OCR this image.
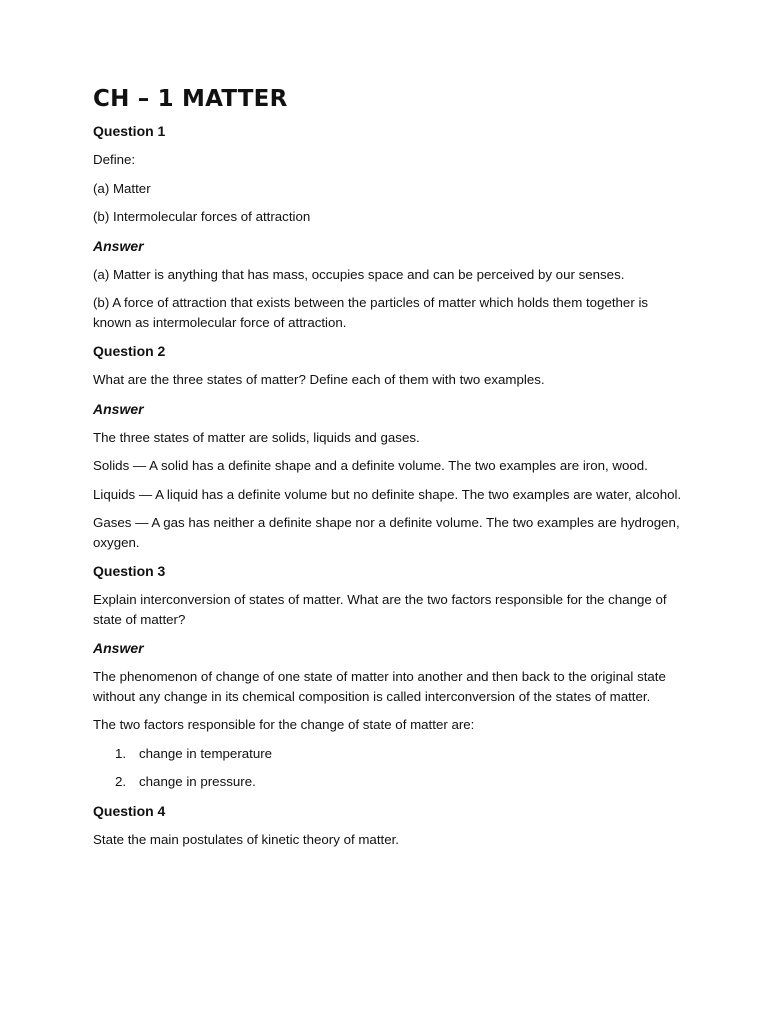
CH – 1 MATTER
Question 1

Define:

(a) Matter

(b) Intermolecular forces of attraction

Answer

(a) Matter is anything that has mass, occupies space and can be perceived by our senses.

(b) A force of attraction that exists between the particles of matter which holds them together is known as intermolecular force of attraction.

Question 2

What are the three states of matter? Define each of them with two examples.

Answer

The three states of matter are solids, liquids and gases.

Solids — A solid has a definite shape and a definite volume. The two examples are iron, wood.

Liquids — A liquid has a definite volume but no definite shape. The two examples are water, alcohol.

Gases — A gas has neither a definite shape nor a definite volume. The two examples are hydrogen, oxygen.

Question 3

Explain interconversion of states of matter. What are the two factors responsible for the change of state of matter?

Answer

The phenomenon of change of one state of matter into another and then back to the original state without any change in its chemical composition is called interconversion of the states of matter.

The two factors responsible for the change of state of matter are:

1. change in temperature
2. change in pressure.
Question 4

State the main postulates of kinetic theory of matter.
